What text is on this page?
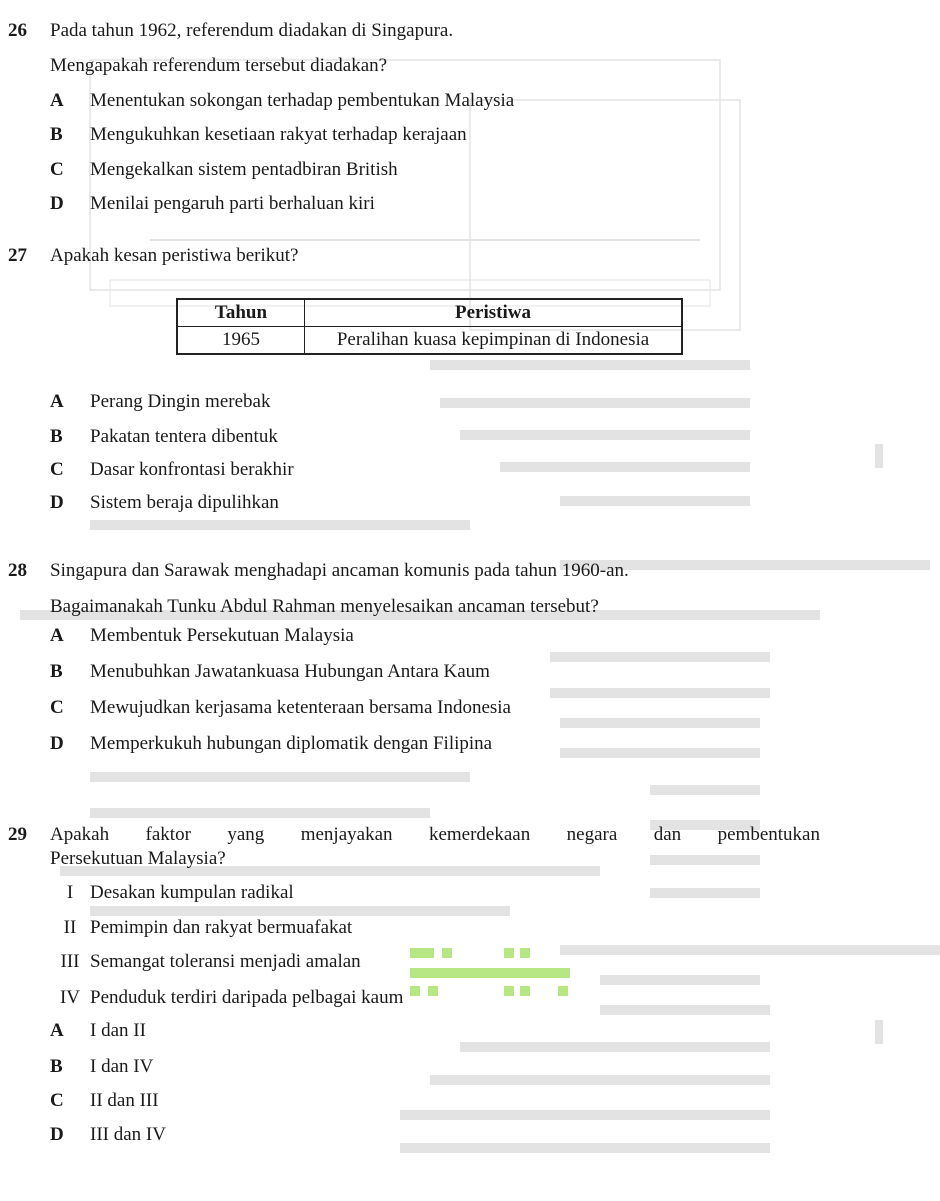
26 Pada tahun 1962, referendum diadakan di Singapura.
Mengapakah referendum tersebut diadakan?
A Menentukan sokongan terhadap pembentukan Malaysia
B Mengukuhkan kesetiaan rakyat terhadap kerajaan
C Mengekalkan sistem pentadbiran British
D Menilai pengaruh parti berhaluan kiri
27 Apakah kesan peristiwa berikut?
A Perang Dingin merebak
B Pakatan tentera dibentuk
C Dasar konfrontasi berakhir
D Sistem beraja dipulihkan
Tahun	Peristiwa
1965	Peralihan kuasa kepimpinan di Indonesia
28 Singapura dan Sarawak menghadapi ancaman komunis pada tahun 1960-an.
Bagaimanakah Tunku Abdul Rahman menyelesaikan ancaman tersebut?
A Membentuk Persekutuan Malaysia
B Menubuhkan Jawatankuasa Hubungan Antara Kaum
C Mewujudkan kerjasama ketenteraan bersama Indonesia
D Memperkukuh hubungan diplomatik dengan Filipina
29 Apakah faktor yang menjayakan kemerdekaan negara dan pembentukan
Persekutuan Malaysia?
I Desakan kumpulan radikal
II Pemimpin dan rakyat bermuafakat
III Semangat toleransi menjadi amalan
IV Penduduk terdiri daripada pelbagai kaum
A I dan II
B I dan IV
C II dan III
D III dan IV
